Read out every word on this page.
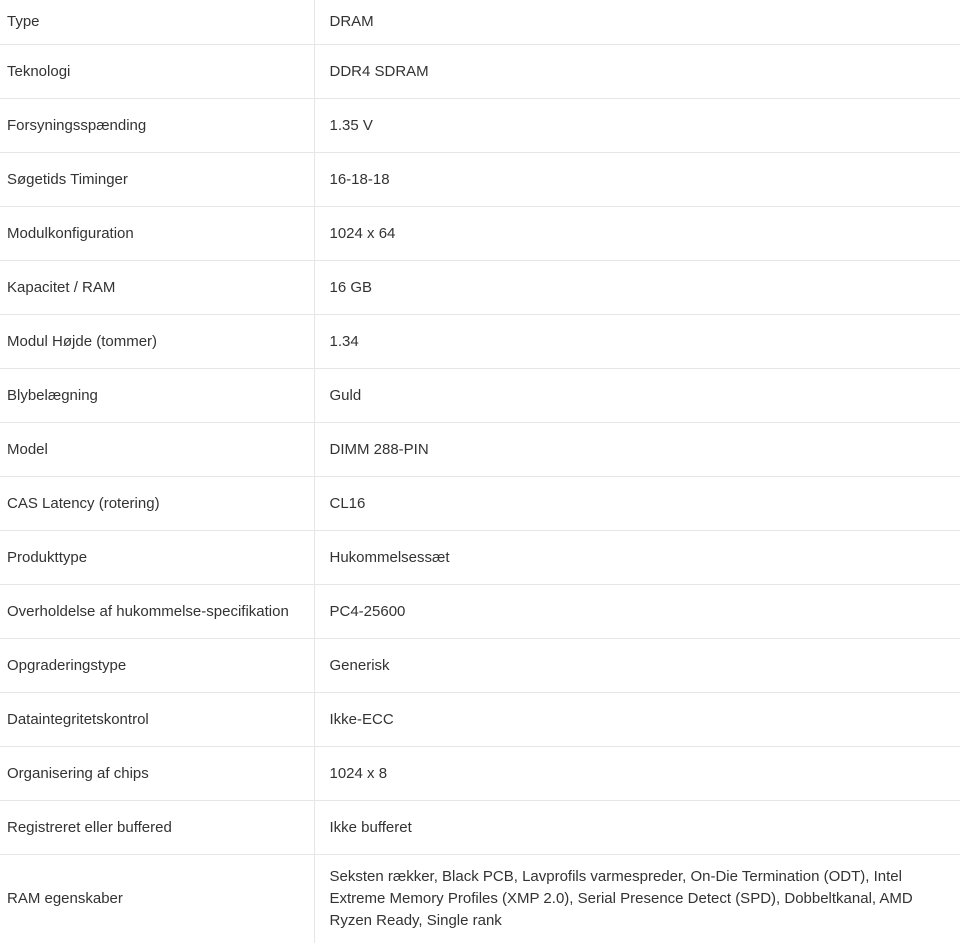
Type	DRAM
Teknologi	DDR4 SDRAM
Forsyningsspænding	1.35 V
Søgetids Timinger	16-18-18
Modulkonfiguration	1024 x 64
Kapacitet / RAM	16 GB
Modul Højde (tommer)	1.34
Blybelægning	Guld
Model	DIMM 288-PIN
CAS Latency (rotering)	CL16
Produkttype	Hukommelsessæt
Overholdelse af hukommelse-specifikation	PC4-25600
Opgraderingstype	Generisk
Dataintegritetskontrol	Ikke-ECC
Organisering af chips	1024 x 8
Registreret eller buffered	Ikke bufferet
RAM egenskaber	Seksten rækker, Black PCB, Lavprofils varmespreder, On-Die Termination (ODT), Intel Extreme Memory Profiles (XMP 2.0), Serial Presence Detect (SPD), Dobbeltkanal, AMD Ryzen Ready, Single rank
